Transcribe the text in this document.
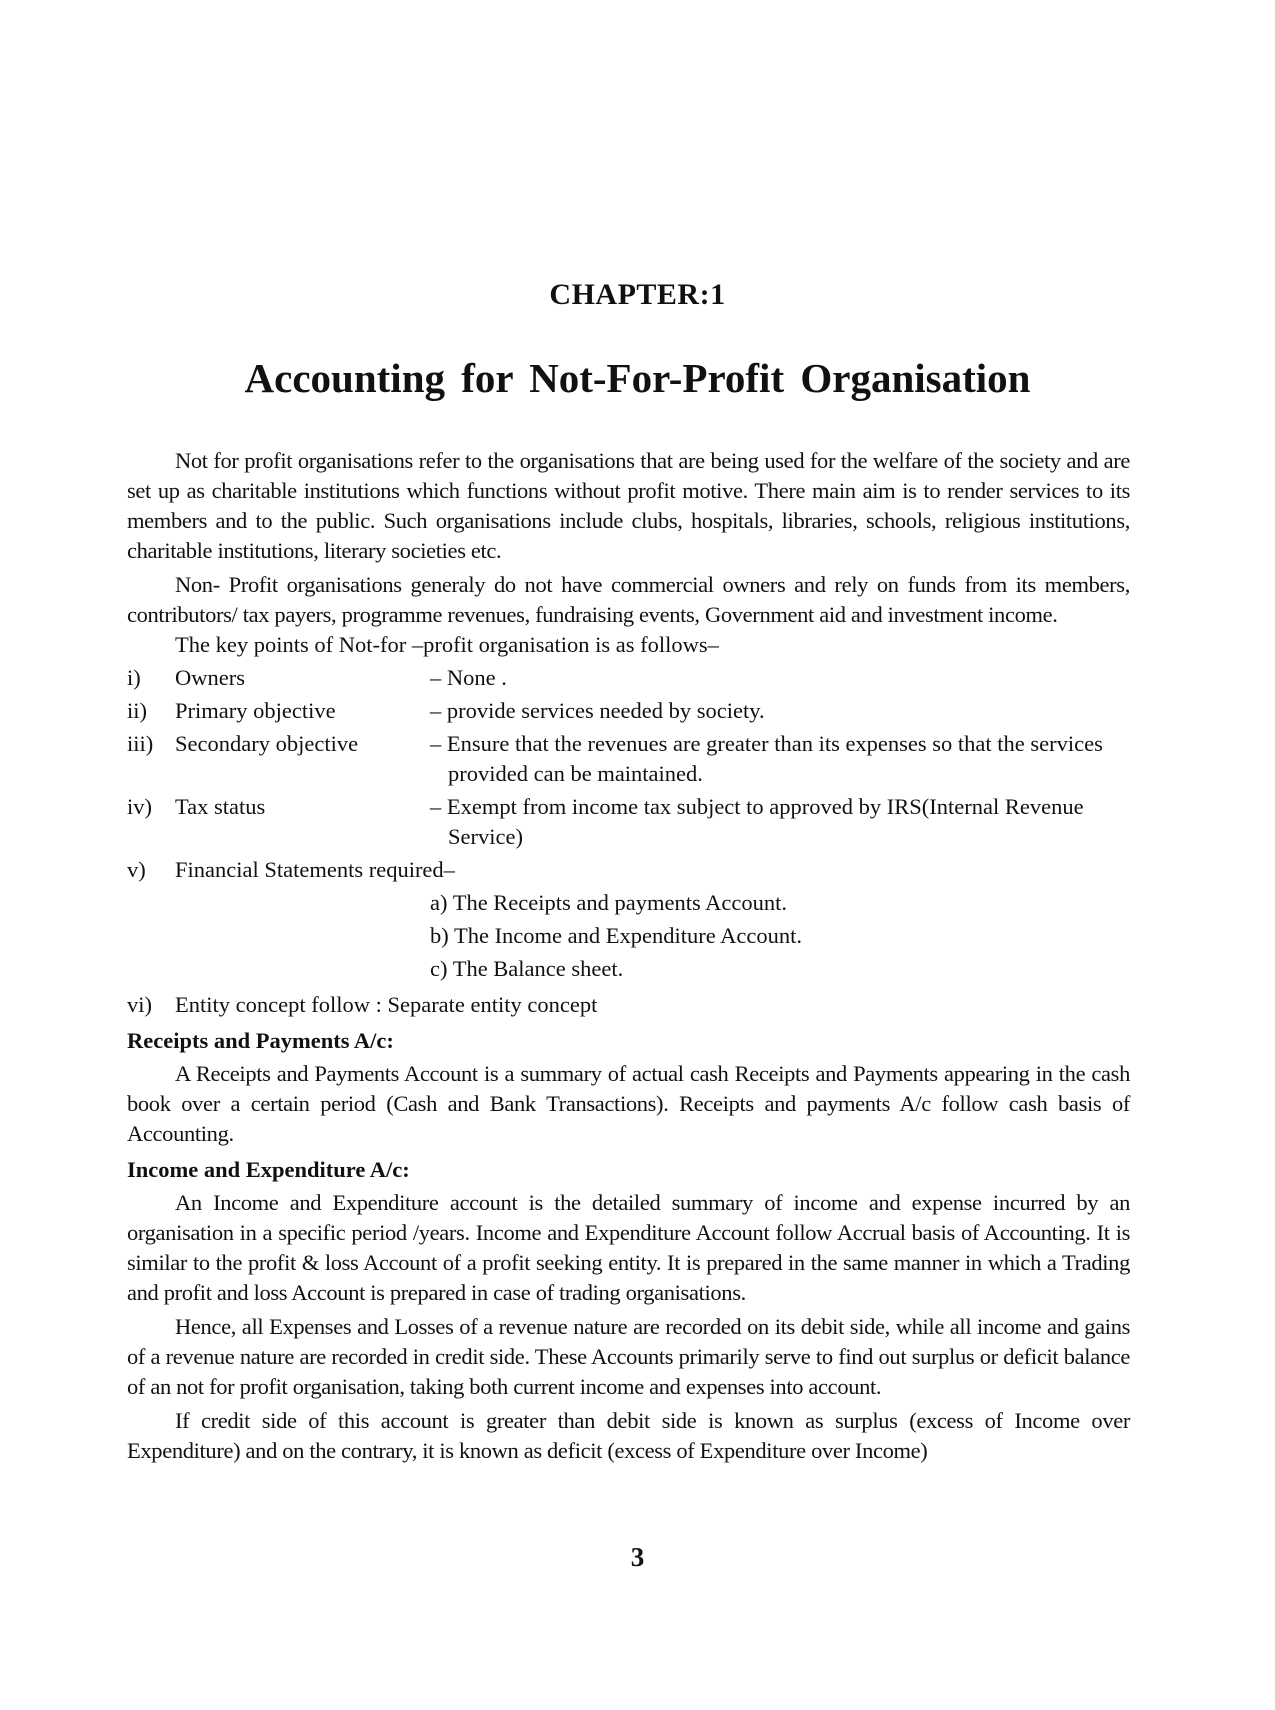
CHAPTER:1
Accounting for Not-For-Profit Organisation

Not for profit organisations refer to the organisations that are being used for the welfare of the society and are set up as charitable institutions which functions without profit motive. There main aim is to render services to its members and to the public. Such organisations include clubs, hospitals, libraries, schools, religious institutions, charitable institutions, literary societies etc.

Non- Profit organisations generaly do not have commercial owners and rely on funds from its members, contributors/ tax payers, programme revenues, fundraising events, Government aid and investment income.

The key points of Not-for –profit organisation is as follows–

i)	Owners	– None .
ii)	Primary objective	– provide services needed by society.
iii) Secondary objective	– Ensure that the revenues are greater than its expenses so that the services provided can be maintained.
iv)	Tax status	– Exempt from income tax subject to approved by IRS(Internal Revenue Service)
v)	Financial Statements required–
a) The Receipts and payments Account.
b) The Income and Expenditure Account.
c) The Balance sheet.
vi)	Entity concept follow : Separate entity concept
Receipts and Payments A/c:

A Receipts and Payments Account is a summary of actual cash Receipts and Payments appearing in the cash book over a certain period (Cash and Bank Transactions). Receipts and payments A/c follow cash basis of Accounting.

Income and Expenditure A/c:

An Income and Expenditure account is the detailed summary of income and expense incurred by an organisation in a specific period /years. Income and Expenditure Account follow Accrual basis of Accounting. It is similar to the profit & loss Account of a profit seeking entity. It is prepared in the same manner in which a Trading and profit and loss Account is prepared in case of trading organisations.

Hence, all Expenses and Losses of a revenue nature are recorded on its debit side, while all income and gains of a revenue nature are recorded in credit side. These Accounts primarily serve to find out surplus or deficit balance of an not for profit organisation, taking both current income and expenses into account.

If credit side of this account is greater than debit side is known as surplus (excess of Income over Expenditure) and on the contrary, it is known as deficit (excess of Expenditure over Income)

3
